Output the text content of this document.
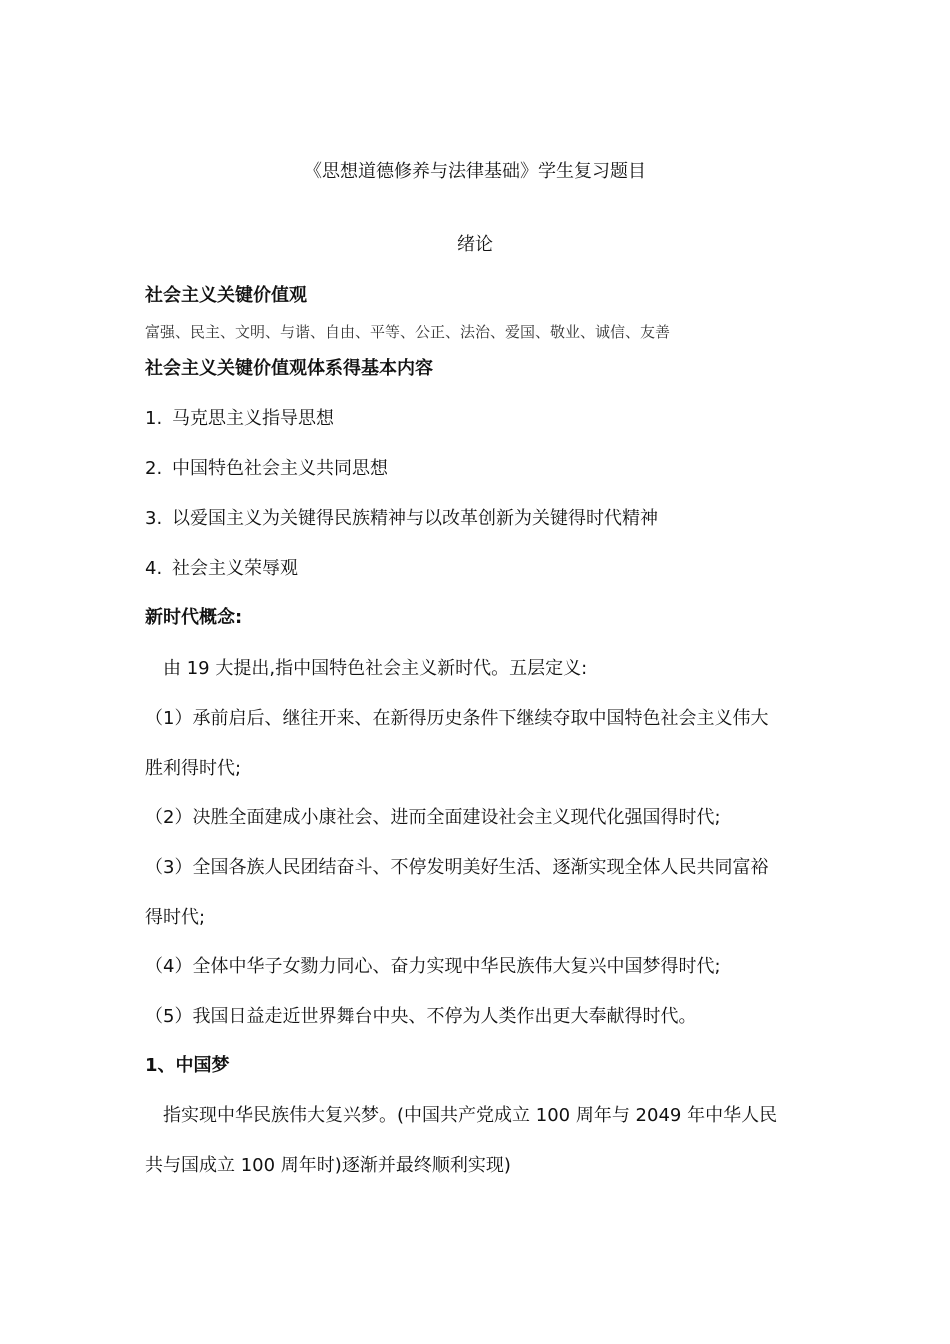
《思想道德修养与法律基础》学生复习题目
绪论
社会主义关键价值观
富强、民主、文明、与谐、自由、平等、公正、法治、爱国、敬业、诚信、友善
社会主义关键价值观体系得基本内容
1. 马克思主义指导思想
2. 中国特色社会主义共同思想
3. 以爱国主义为关键得民族精神与以改革创新为关键得时代精神
4. 社会主义荣辱观
新时代概念:
由 19 大提出,指中国特色社会主义新时代。五层定义:
（1）承前启后、继往开来、在新得历史条件下继续夺取中国特色社会主义伟大
胜利得时代;
（2）决胜全面建成小康社会、进而全面建设社会主义现代化强国得时代;
（3）全国各族人民团结奋斗、不停发明美好生活、逐渐实现全体人民共同富裕
得时代;
（4）全体中华子女勠力同心、奋力实现中华民族伟大复兴中国梦得时代;
（5）我国日益走近世界舞台中央、不停为人类作出更大奉献得时代。
1、中国梦
指实现中华民族伟大复兴梦。(中国共产党成立 100 周年与 2049 年中华人民
共与国成立 100 周年时)逐渐并最终顺利实现)
